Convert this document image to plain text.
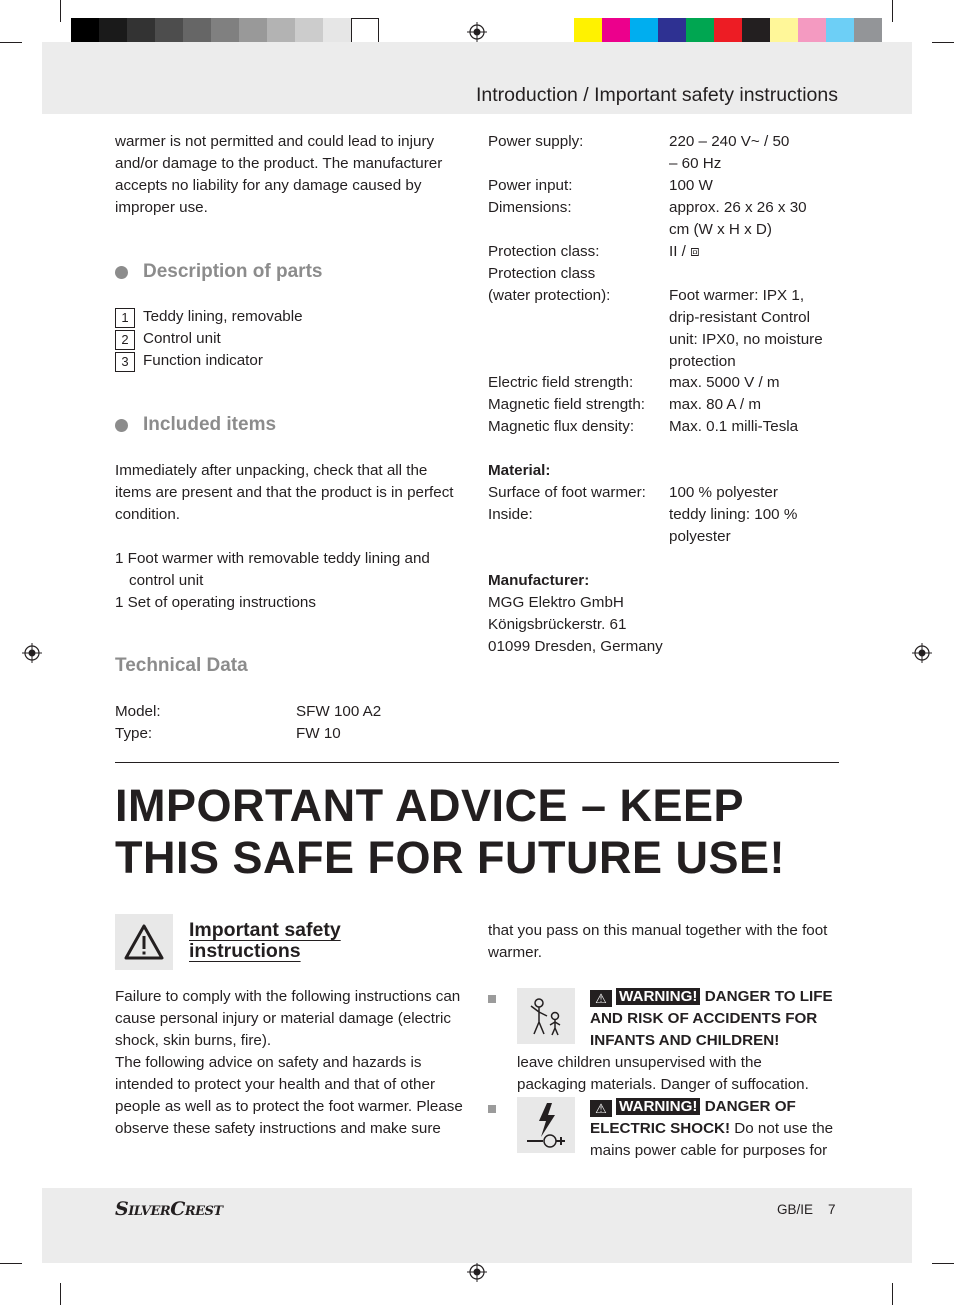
Introduction / Important safety instructions
warmer is not permitted and could lead to injury and/or damage to the product. The manufacturer accepts no liability for any damage caused by improper use.
Description of parts
1 Teddy lining, removable
2 Control unit
3 Function indicator
Included items
Immediately after unpacking, check that all the items are present and that the product is in perfect condition.
1 Foot warmer with removable teddy lining and control unit
1 Set of operating instructions
Technical Data
Model:	SFW 100 A2
Type:	FW 10
Power supply:	220 – 240 V~ / 50 – 60 Hz
Power input:	100 W
Dimensions:	approx. 26 x 26 x 30 cm (W x H x D)
Protection class:	II / ⧈
Protection class (water protection):	Foot warmer: IPX 1, drip-resistant Control unit: IPX0, no moisture protection
Electric field strength: max. 5000 V / m
Magnetic field strength: max. 80 A / m
Magnetic flux density: Max. 0.1 milli-Tesla
Material:
Surface of foot warmer: 100 % polyester
Inside:	teddy lining: 100 % polyester
Manufacturer:
MGG Elektro GmbH
Königsbrückerstr. 61
01099 Dresden, Germany
IMPORTANT ADVICE – KEEP THIS SAFE FOR FUTURE USE!
Important safety instructions
Failure to comply with the following instructions can cause personal injury or material damage (electric shock, skin burns, fire).
The following advice on safety and hazards is intended to protect your health and that of other people as well as to protect the foot warmer. Please observe these safety instructions and make sure
that you pass on this manual together with the foot warmer.
⚠ WARNING! DANGER TO LIFE AND RISK OF ACCIDENTS FOR INFANTS AND CHILDREN!
leave children unsupervised with the packaging materials. Danger of suffocation.
⚠ WARNING! DANGER OF ELECTRIC SHOCK! Do not use the mains power cable for purposes for
SilverCrest	GB/IE 7
